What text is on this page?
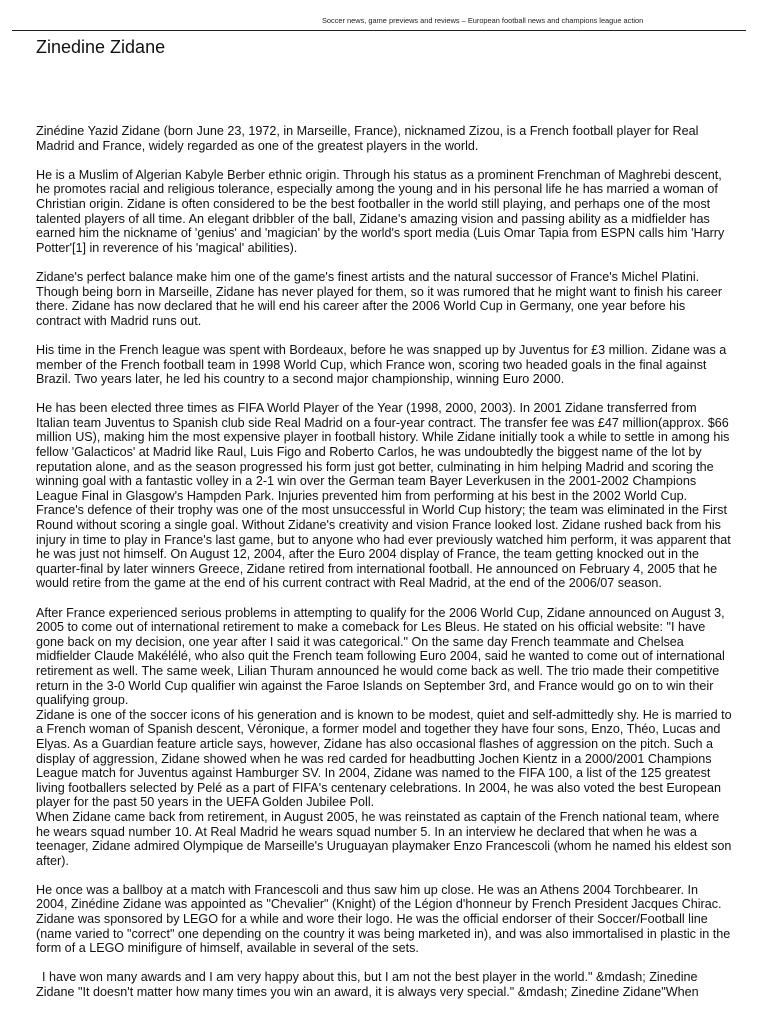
Soccer news, game previews and reviews – European football news and champions league action
Zinedine Zidane

Zinédine Yazid Zidane (born June 23, 1972, in Marseille, France), nicknamed Zizou, is a French football player for Real Madrid and France, widely regarded as one of the greatest players in the world.

He is a Muslim of Algerian Kabyle Berber ethnic origin. Through his status as a prominent Frenchman of Maghrebi descent, he promotes racial and religious tolerance, especially among the young and in his personal life he has married a woman of Christian origin. Zidane is often considered to be the best footballer in the world still playing, and perhaps one of the most talented players of all time. An elegant dribbler of the ball, Zidane's amazing vision and passing ability as a midfielder has earned him the nickname of 'genius' and 'magician' by the world's sport media (Luis Omar Tapia from ESPN calls him 'Harry Potter'[1] in reverence of his 'magical' abilities).

Zidane's perfect balance make him one of the game's finest artists and the natural successor of France's Michel Platini. Though being born in Marseille, Zidane has never played for them, so it was rumored that he might want to finish his career there. Zidane has now declared that he will end his career after the 2006 World Cup in Germany, one year before his contract with Madrid runs out.

His time in the French league was spent with Bordeaux, before he was snapped up by Juventus for £3 million. Zidane was a member of the French football team in 1998 World Cup, which France won, scoring two headed goals in the final against Brazil. Two years later, he led his country to a second major championship, winning Euro 2000.

He has been elected three times as FIFA World Player of the Year (1998, 2000, 2003). In 2001 Zidane transferred from Italian team Juventus to Spanish club side Real Madrid on a four-year contract. The transfer fee was £47 million(approx. $66 million US), making him the most expensive player in football history. While Zidane initially took a while to settle in among his fellow 'Galacticos' at Madrid like Raul, Luis Figo and Roberto Carlos, he was undoubtedly the biggest name of the lot by reputation alone, and as the season progressed his form just got better, culminating in him helping Madrid and scoring the winning goal with a fantastic volley in a 2-1 win over the German team Bayer Leverkusen in the 2001-2002 Champions League Final in Glasgow's Hampden Park. Injuries prevented him from performing at his best in the 2002 World Cup. France's defence of their trophy was one of the most unsuccessful in World Cup history; the team was eliminated in the First Round without scoring a single goal. Without Zidane's creativity and vision France looked lost. Zidane rushed back from his injury in time to play in France's last game, but to anyone who had ever previously watched him perform, it was apparent that he was just not himself. On August 12, 2004, after the Euro 2004 display of France, the team getting knocked out in the quarter-final by later winners Greece, Zidane retired from international football. He announced on February 4, 2005 that he would retire from the game at the end of his current contract with Real Madrid, at the end of the 2006/07 season.

After France experienced serious problems in attempting to qualify for the 2006 World Cup, Zidane announced on August 3, 2005 to come out of international retirement to make a comeback for Les Bleus. He stated on his official website: "I have gone back on my decision, one year after I said it was categorical." On the same day French teammate and Chelsea midfielder Claude Makélélé, who also quit the French team following Euro 2004, said he wanted to come out of international retirement as well. The same week, Lilian Thuram announced he would come back as well. The trio made their competitive return in the 3-0 World Cup qualifier win against the Faroe Islands on September 3rd, and France would go on to win their qualifying group.

Zidane is one of the soccer icons of his generation and is known to be modest, quiet and self-admittedly shy. He is married to a French woman of Spanish descent, Véronique, a former model and together they have four sons, Enzo, Théo, Lucas and Elyas. As a Guardian feature article says, however, Zidane has also occasional flashes of aggression on the pitch. Such a display of aggression, Zidane showed when he was red carded for headbutting Jochen Kientz in a 2000/2001 Champions League match for Juventus against Hamburger SV. In 2004, Zidane was named to the FIFA 100, a list of the 125 greatest living footballers selected by Pelé as a part of FIFA's centenary celebrations. In 2004, he was also voted the best European player for the past 50 years in the UEFA Golden Jubilee Poll.

When Zidane came back from retirement, in August 2005, he was reinstated as captain of the French national team, where he wears squad number 10. At Real Madrid he wears squad number 5. In an interview he declared that when he was a teenager, Zidane admired Olympique de Marseille's Uruguayan playmaker Enzo Francescoli (whom he named his eldest son after).

He once was a ballboy at a match with Francescoli and thus saw him up close. He was an Athens 2004 Torchbearer. In 2004, Zinédine Zidane was appointed as "Chevalier" (Knight) of the Légion d'honneur by French President Jacques Chirac. Zidane was sponsored by LEGO for a while and wore their logo. He was the official endorser of their Soccer/Football line (name varied to "correct" one depending on the country it was being marketed in), and was also immortalised in plastic in the form of a LEGO minifigure of himself, available in several of the sets.

I have won many awards and I am very happy about this, but I am not the best player in the world." &mdash; Zinedine Zidane "It doesn't matter how many times you win an award, it is always very special." &mdash; Zinedine Zidane"When
